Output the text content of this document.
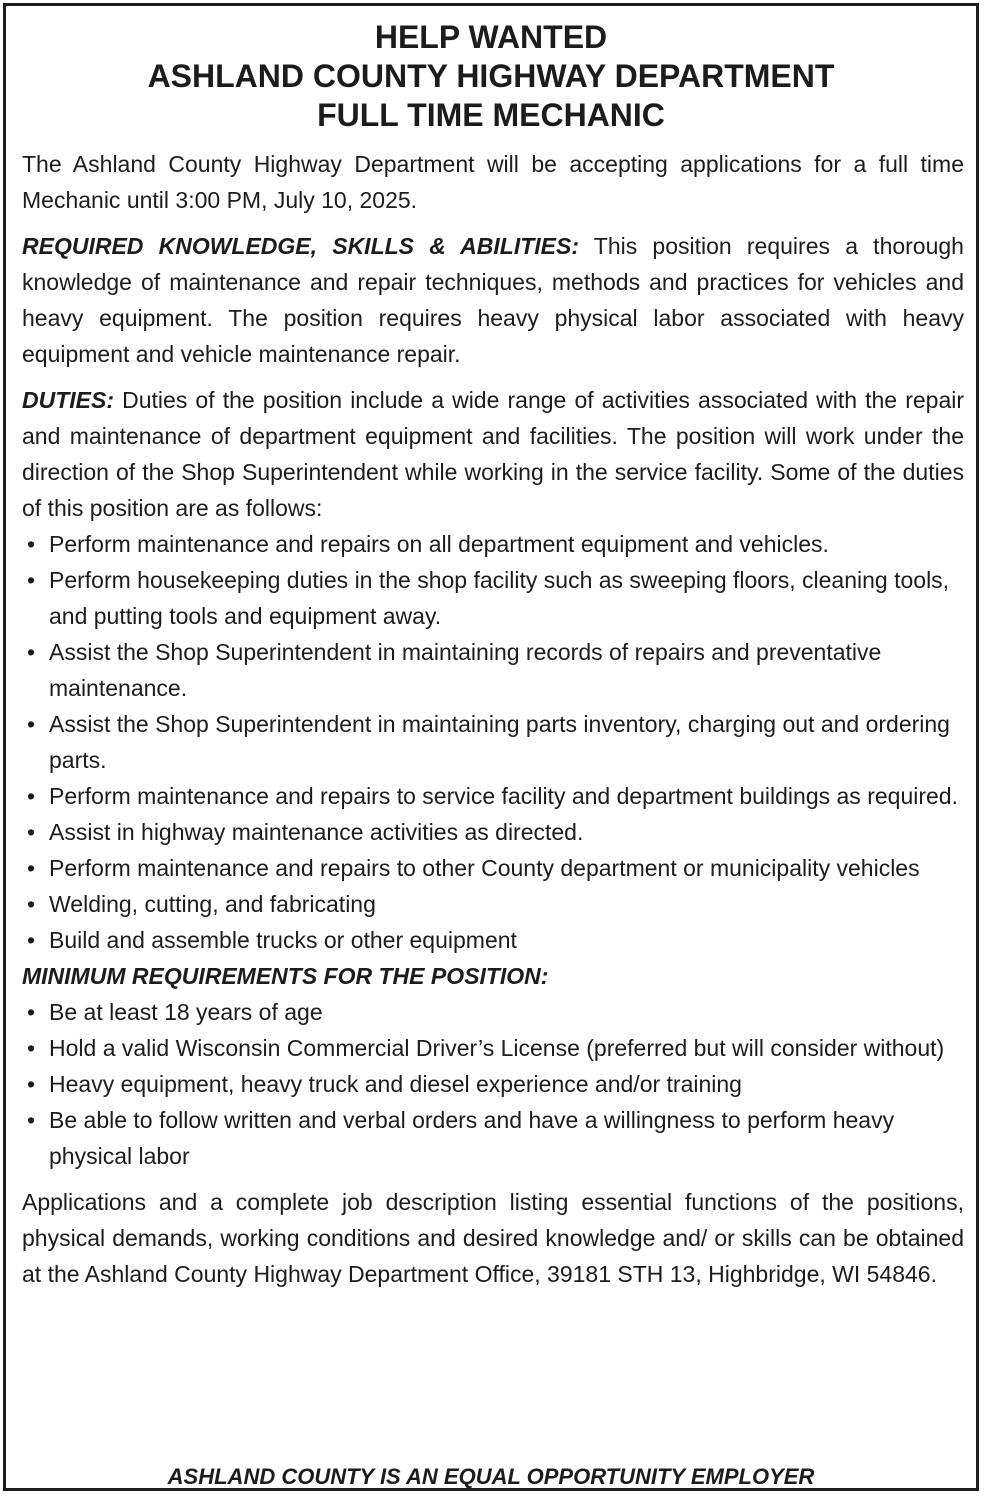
HELP WANTED
ASHLAND COUNTY HIGHWAY DEPARTMENT
FULL TIME MECHANIC

The Ashland County Highway Department will be accepting applications for a full time Mechanic until 3:00 PM, July 10, 2025.

REQUIRED KNOWLEDGE, SKILLS & ABILITIES: This position requires a thorough knowledge of maintenance and repair techniques, methods and practices for vehicles and heavy equipment. The position requires heavy physical labor associated with heavy equipment and vehicle maintenance repair.

DUTIES: Duties of the position include a wide range of activities associated with the repair and maintenance of department equipment and facilities. The position will work under the direction of the Shop Superintendent while working in the service facility. Some of the duties of this position are as follows:

• Perform maintenance and repairs on all department equipment and vehicles.
• Perform housekeeping duties in the shop facility such as sweeping floors, cleaning tools, and putting tools and equipment away.
• Assist the Shop Superintendent in maintaining records of repairs and preventative maintenance.
• Assist the Shop Superintendent in maintaining parts inventory, charging out and ordering parts.
• Perform maintenance and repairs to service facility and department buildings as required.
• Assist in highway maintenance activities as directed.
• Perform maintenance and repairs to other County department or municipality vehicles
• Welding, cutting, and fabricating
• Build and assemble trucks or other equipment

MINIMUM REQUIREMENTS FOR THE POSITION:

• Be at least 18 years of age
• Hold a valid Wisconsin Commercial Driver’s License (preferred but will consider without)
• Heavy equipment, heavy truck and diesel experience and/or training
• Be able to follow written and verbal orders and have a willingness to perform heavy physical labor

Applications and a complete job description listing essential functions of the positions, physical demands, working conditions and desired knowledge and/ or skills can be obtained at the Ashland County Highway Department Office, 39181 STH 13, Highbridge, WI 54846.

ASHLAND COUNTY IS AN EQUAL OPPORTUNITY EMPLOYER
